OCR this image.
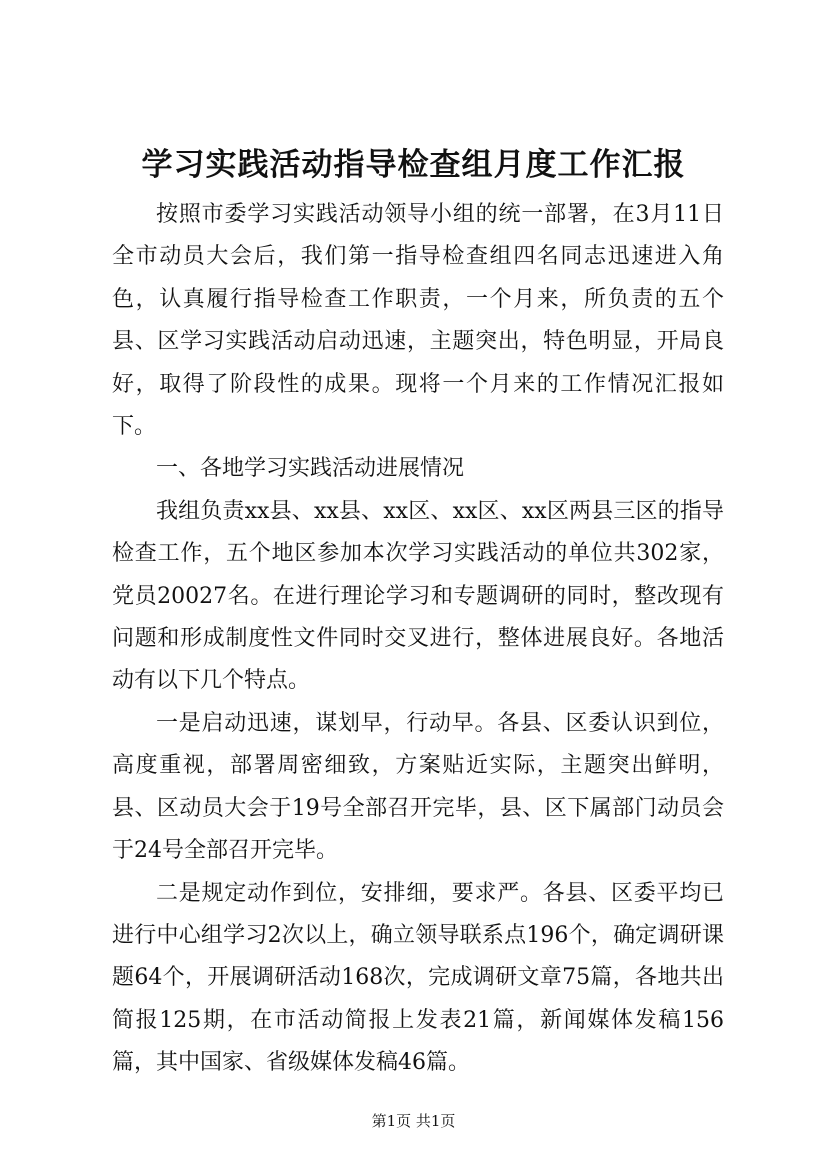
学习实践活动指导检查组月度工作汇报

按照市委学习实践活动领导小组的统一部署，在3月11日全市动员大会后，我们第一指导检查组四名同志迅速进入角色，认真履行指导检查工作职责，一个月来，所负责的五个县、区学习实践活动启动迅速，主题突出，特色明显，开局良好，取得了阶段性的成果。现将一个月来的工作情况汇报如下。

一、各地学习实践活动进展情况

我组负责xx县、xx县、xx区、xx区、xx区两县三区的指导检查工作，五个地区参加本次学习实践活动的单位共302家，党员20027名。在进行理论学习和专题调研的同时，整改现有问题和形成制度性文件同时交叉进行，整体进展良好。各地活动有以下几个特点。

一是启动迅速，谋划早，行动早。各县、区委认识到位，高度重视，部署周密细致，方案贴近实际，主题突出鲜明，县、区动员大会于19号全部召开完毕，县、区下属部门动员会于24号全部召开完毕。

二是规定动作到位，安排细，要求严。各县、区委平均已进行中心组学习2次以上，确立领导联系点196个，确定调研课题64个，开展调研活动168次，完成调研文章75篇，各地共出简报125期，在市活动简报上发表21篇，新闻媒体发稿156篇，其中国家、省级媒体发稿46篇。

第1页 共1页
